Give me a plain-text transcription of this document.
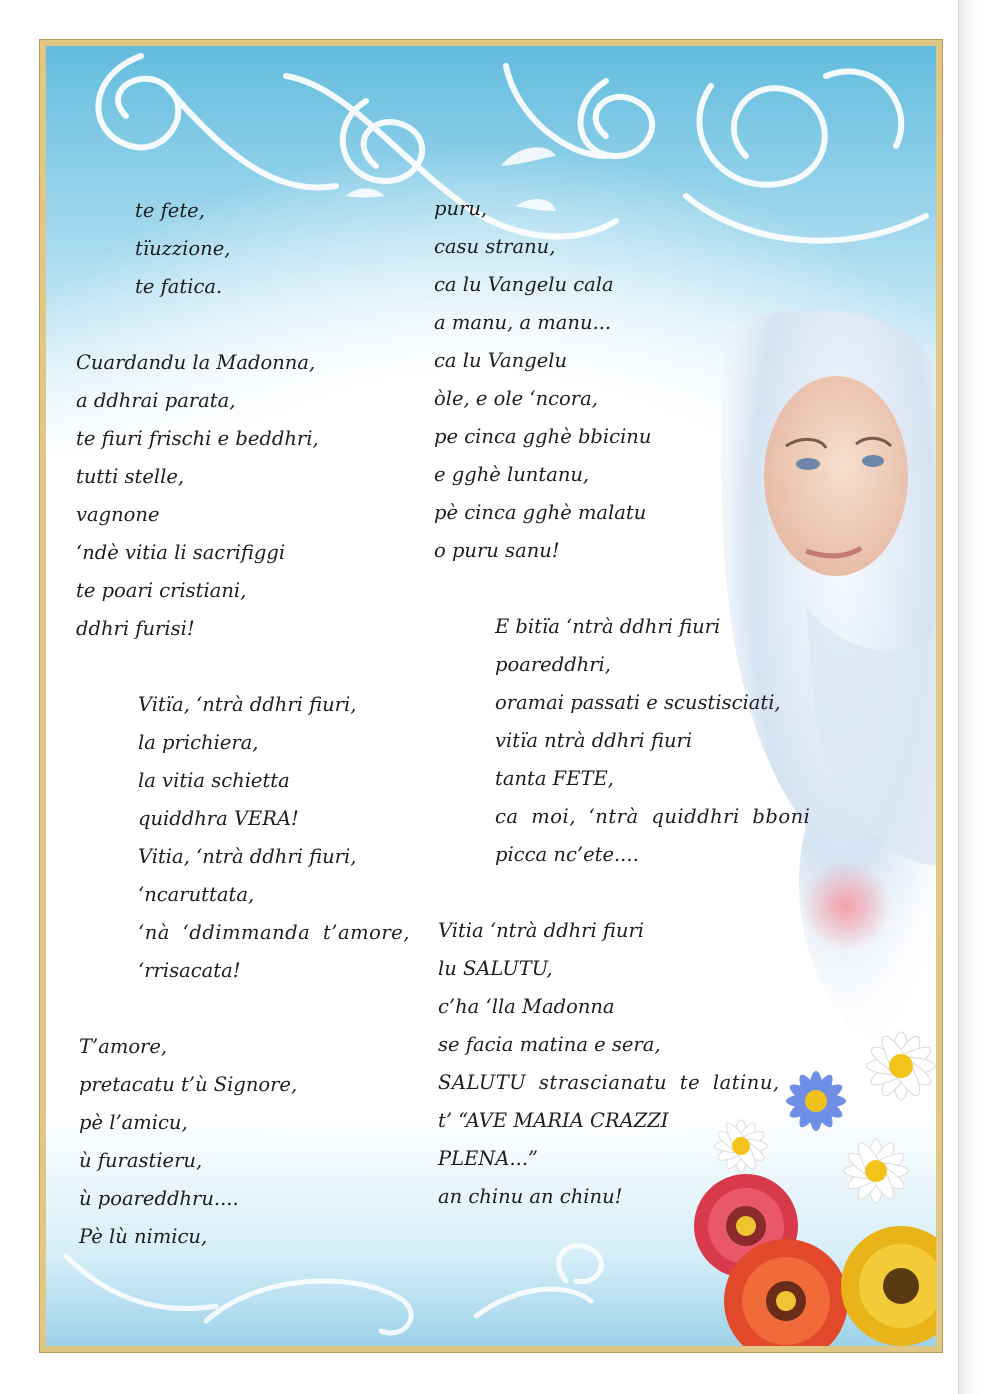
te fete,
tïuzzione,
te fatica.
Cuardandu la Madonna,
a ddhrai parata,
te fiuri frischi e beddhri,
tutti stelle,
vagnone
‘ndè vitia li sacrifiggi
te poari cristiani,
ddhri furisi!
Vitïa, ‘ntrà ddhri fiuri,
la prichiera,
la vitia schietta
quiddhra VERA!
Vitia, ‘ntrà ddhri fiuri,
‘ncaruttata,
‘nà ‘ddimmanda t’amore,
‘rrisacata!
T’amore,
pretacatu t’ù Signore,
pè l’amicu,
ù furastieru,
ù poareddhru....
Pè lù nimicu,
puru,
casu stranu,
ca lu Vangelu cala
a manu, a manu...
ca lu Vangelu
òle, e ole ‘ncora,
pe cinca gghè bbicinu
e gghè luntanu,
pè cinca gghè malatu
o puru sanu!
E bitïa ‘ntrà ddhri fiuri
poareddhri,
oramai passati e scustisciati,
vitïa ntrà ddhri fiuri
tanta FETE,
ca moi, ‘ntrà quiddhri bboni
picca nc’ete....
Vitia ‘ntrà ddhri fiuri
lu SALUTU,
c’ha ‘lla Madonna
se facia matina e sera,
SALUTU strascianatu te latinu,
t’ “AVE MARIA CRAZZI
PLENA...”
an chinu an chinu!
